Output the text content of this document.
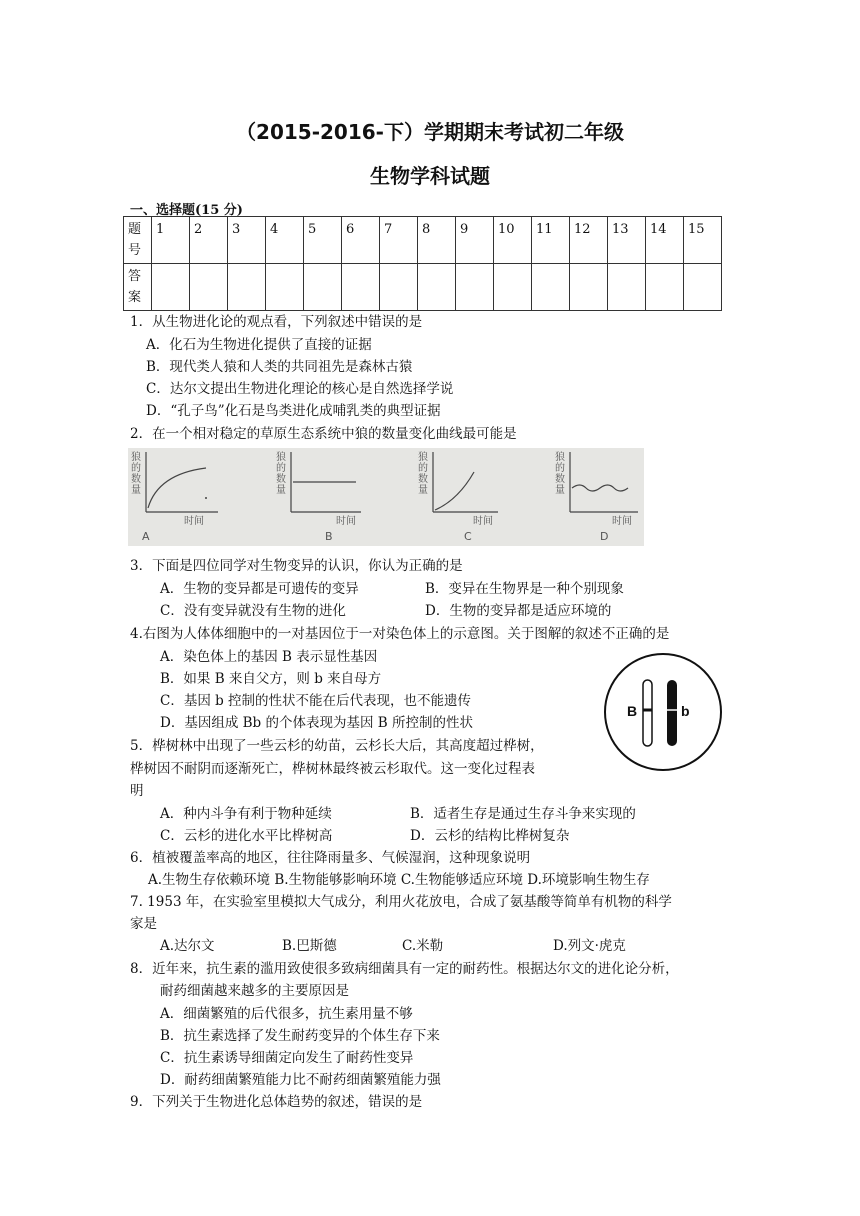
（2015-2016-下）学期期末考试初二年级
生物学科试题
一、选择题(15 分)
题号	1	2	3	4	5	6	7	8	9	10	11	12	13	14	15
答案															
1．从生物进化论的观点看，下列叙述中错误的是
A．化石为生物进化提供了直接的证据
B．现代类人猿和人类的共同祖先是森林古猿
C．达尔文提出生物进化理论的核心是自然选择学说
D．“孔子鸟”化石是鸟类进化成哺乳类的典型证据
2．在一个相对稳定的草原生态系统中狼的数量变化曲线最可能是
狼的数量
时间
A
狼的数量
时间
B
狼的数量
时间
C
狼的数量
时间
D
3．下面是四位同学对生物变异的认识，你认为正确的是
A．生物的变异都是可遗传的变异	B．变异在生物界是一种个别现象
C．没有变异就没有生物的进化	D．生物的变异都是适应环境的
4.右图为人体体细胞中的一对基因位于一对染色体上的示意图。关于图解的叙述不正确的是
A．染色体上的基因 B 表示显性基因
B．如果 B 来自父方，则 b 来自母方
C．基因 b 控制的性状不能在后代表现，也不能遗传
D．基因组成 Bb 的个体表现为基因 B 所控制的性状
B	b
5．桦树林中出现了一些云杉的幼苗，云杉长大后，其高度超过桦树，
桦树因不耐阴而逐渐死亡，桦树林最终被云杉取代。这一变化过程表
明
A．种内斗争有利于物种延续	B．适者生存是通过生存斗争来实现的
C．云杉的进化水平比桦树高	D．云杉的结构比桦树复杂
6．植被覆盖率高的地区，往往降雨量多、气候湿润，这种现象说明
A.生物生存依赖环境 B.生物能够影响环境 C.生物能够适应环境 D.环境影响生物生存
7. 1953 年，在实验室里模拟大气成分，利用火花放电，合成了氨基酸等简单有机物的科学
家是
A.达尔文	B.巴斯德	C.米勒	D.列文·虎克
8．近年来，抗生素的滥用致使很多致病细菌具有一定的耐药性。根据达尔文的进化论分析，
耐药细菌越来越多的主要原因是
A．细菌繁殖的后代很多，抗生素用量不够
B．抗生素选择了发生耐药变异的个体生存下来
C．抗生素诱导细菌定向发生了耐药性变异
D．耐药细菌繁殖能力比不耐药细菌繁殖能力强
9．下列关于生物进化总体趋势的叙述，错误的是
